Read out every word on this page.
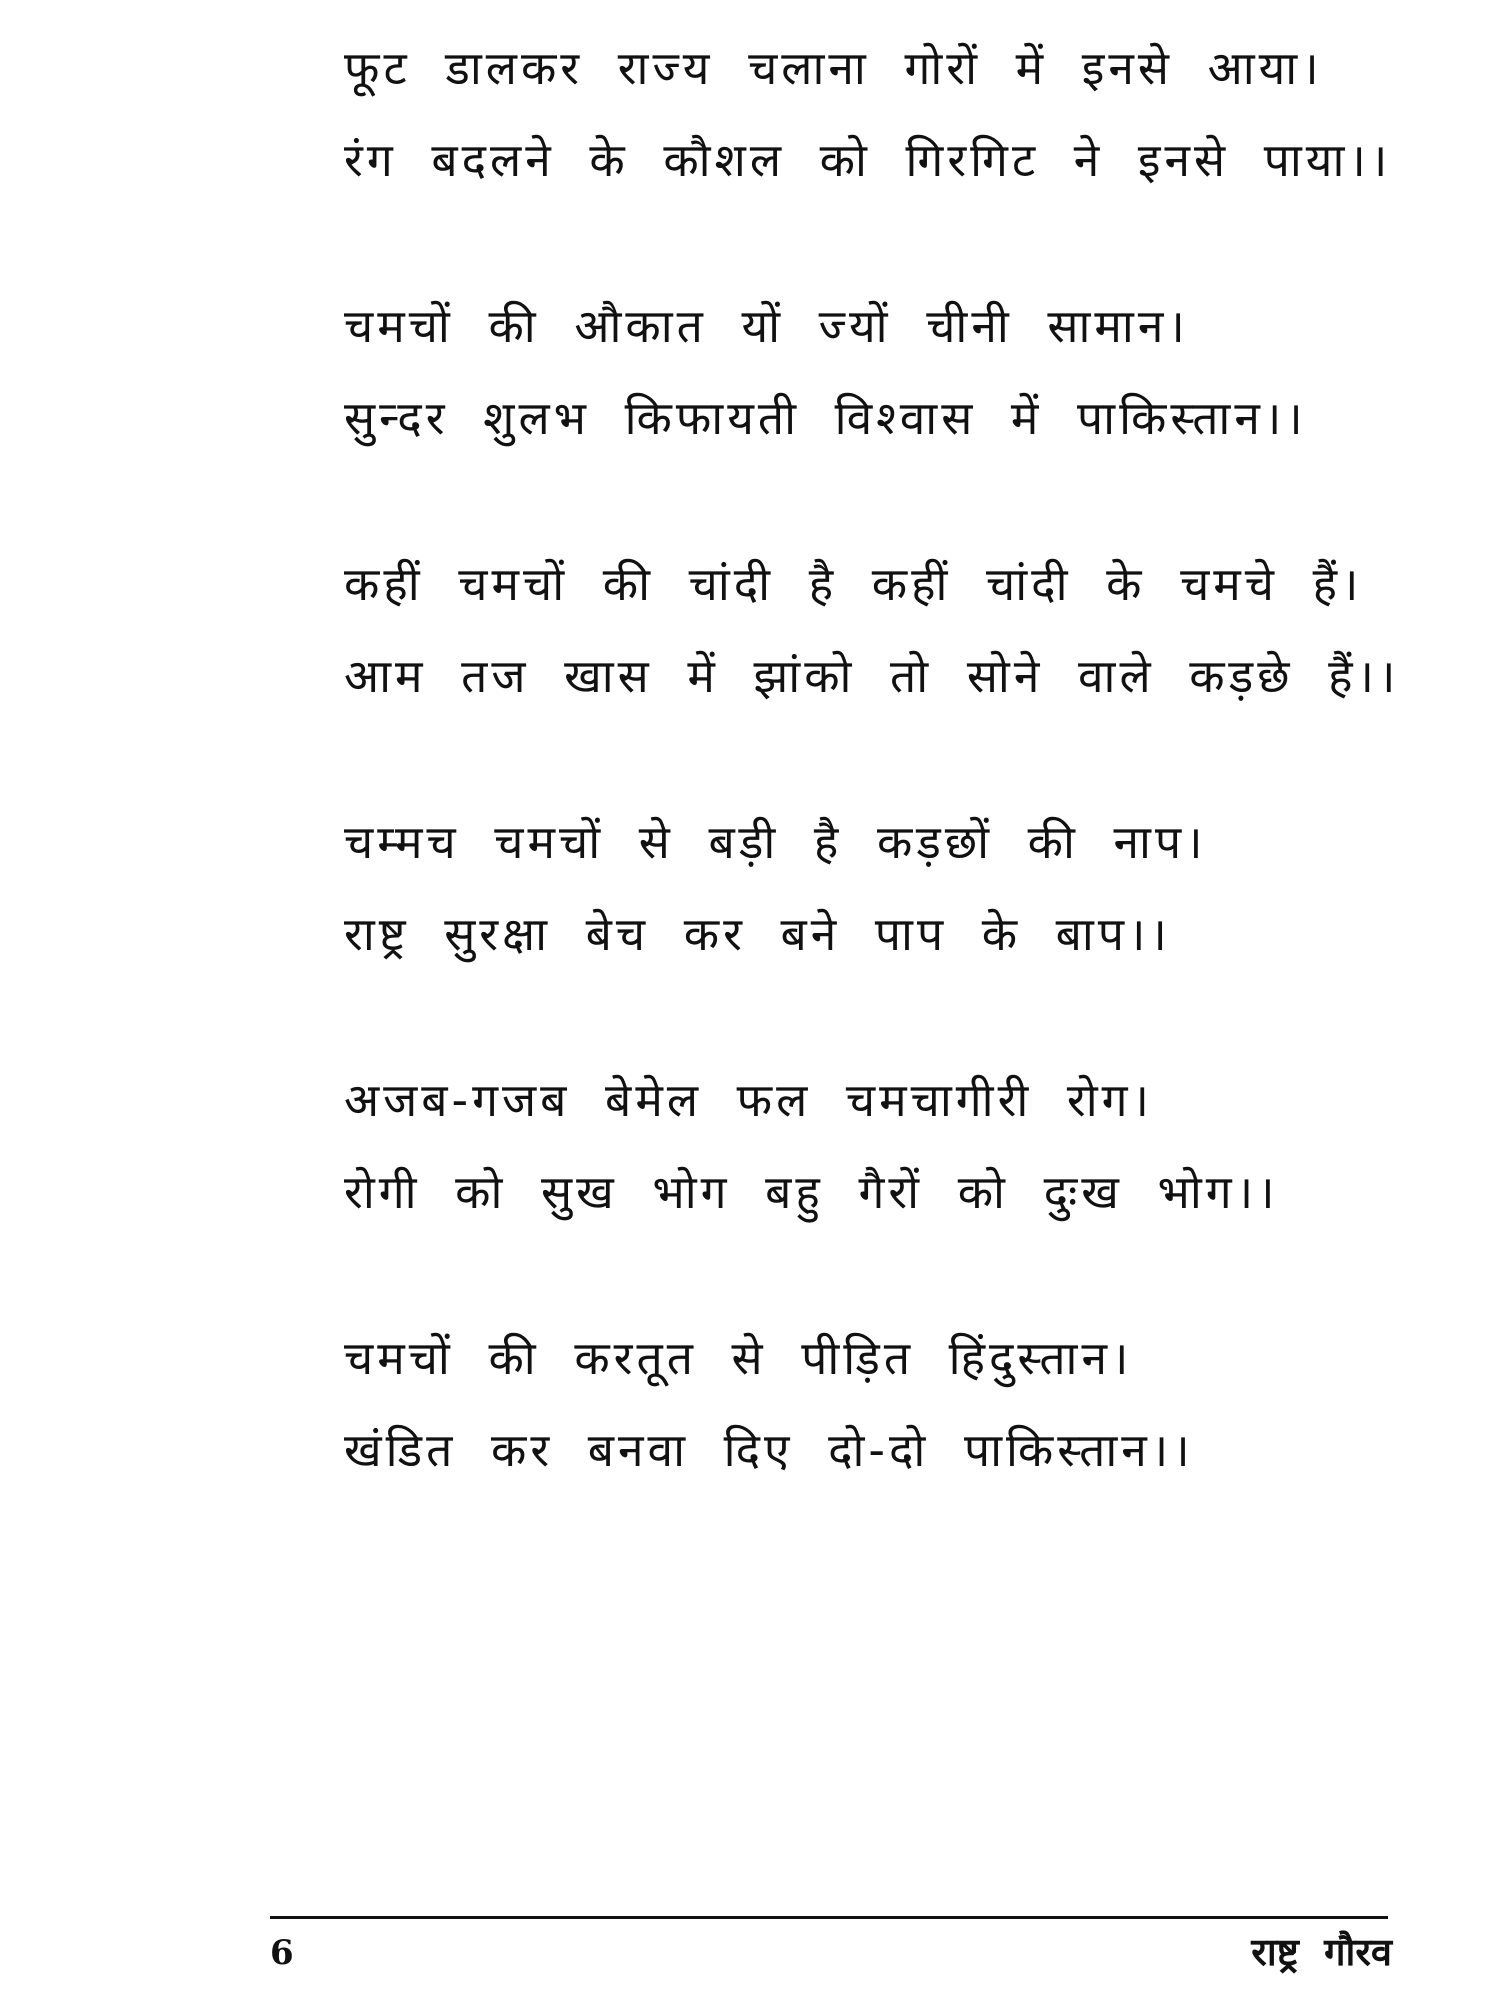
फूट डालकर राज्य चलाना गोरों में इनसे आया।
रंग बदलने के कौशल को गिरगिट ने इनसे पाया।।
चमचों की औकात यों ज्यों चीनी सामान।
सुन्दर शुलभ किफायती विश्वास में पाकिस्तान।।
कहीं चमचों की चांदी है कहीं चांदी के चमचे हैं।
आम तज खास में झांको तो सोने वाले कड़छे हैं।।
चम्मच चमचों से बड़ी है कड़छों की नाप।
राष्ट्र सुरक्षा बेच कर बने पाप के बाप।।
अजब-गजब बेमेल फल चमचागीरी रोग।
रोगी को सुख भोग बहु गैरों को दुःख भोग।।
चमचों की करतूत से पीड़ित हिंदुस्तान।
खंडित कर बनवा दिए दो-दो पाकिस्तान।।
6	राष्ट्र गौरव
